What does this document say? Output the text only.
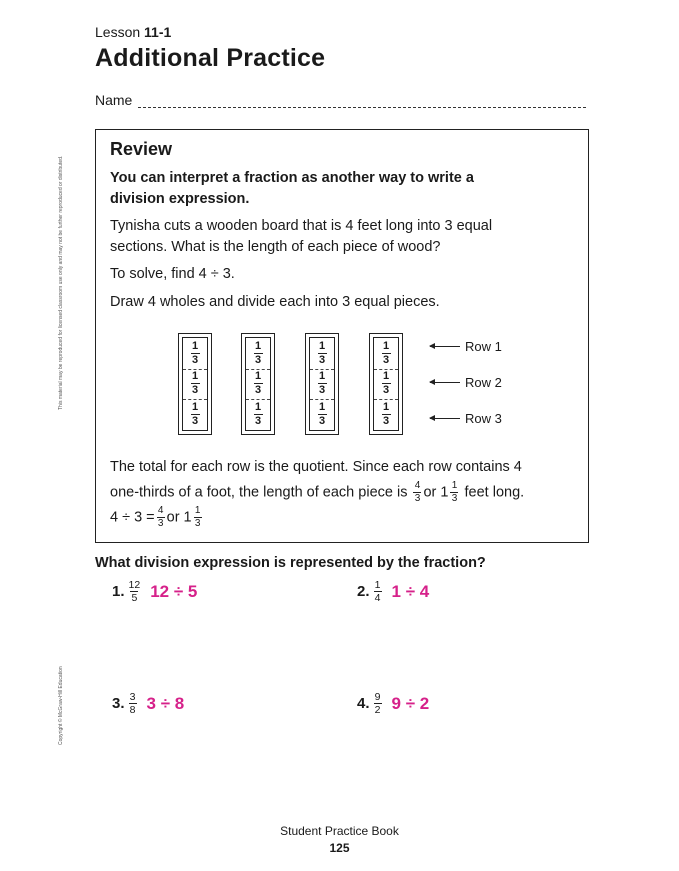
This material may be reproduced for licensed classroom use only and may not be further reproduced or distributed.
Copyright © McGraw-Hill Education
Lesson 11-1
Additional Practice
Name
Review
You can interpret a fraction as another way to write a
division expression.
Tynisha cuts a wooden board that is 4 feet long into 3 equal
sections. What is the length of each piece of wood?
To solve, find 4 ÷ 3.
Draw 4 wholes and divide each into 3 equal pieces.
1
3
1
3
1
3
1
3
1
3
1
3
1
3
1
3
1
3
1
3
1
3
1
3
Row 1
Row 2
Row 3
The total for each row is the quotient. Since each row contains 4
one-thirds of a foot, the length of each piece is $\frac{4}{3}$ or $1 \frac{1}{3}$ feet long.
$4 \div 3 = \frac{4}{3}$ or $1 \frac{1}{3}$
What division expression is represented by the fraction?
1. $\frac{12}{5} 12 \div 5$	2. $\frac{1}{4} 1 \div 4$
3. $\frac{3}{8} 3 \div 8$	4. $\frac{9}{2} 9 \div 2$
Student Practice Book
125
